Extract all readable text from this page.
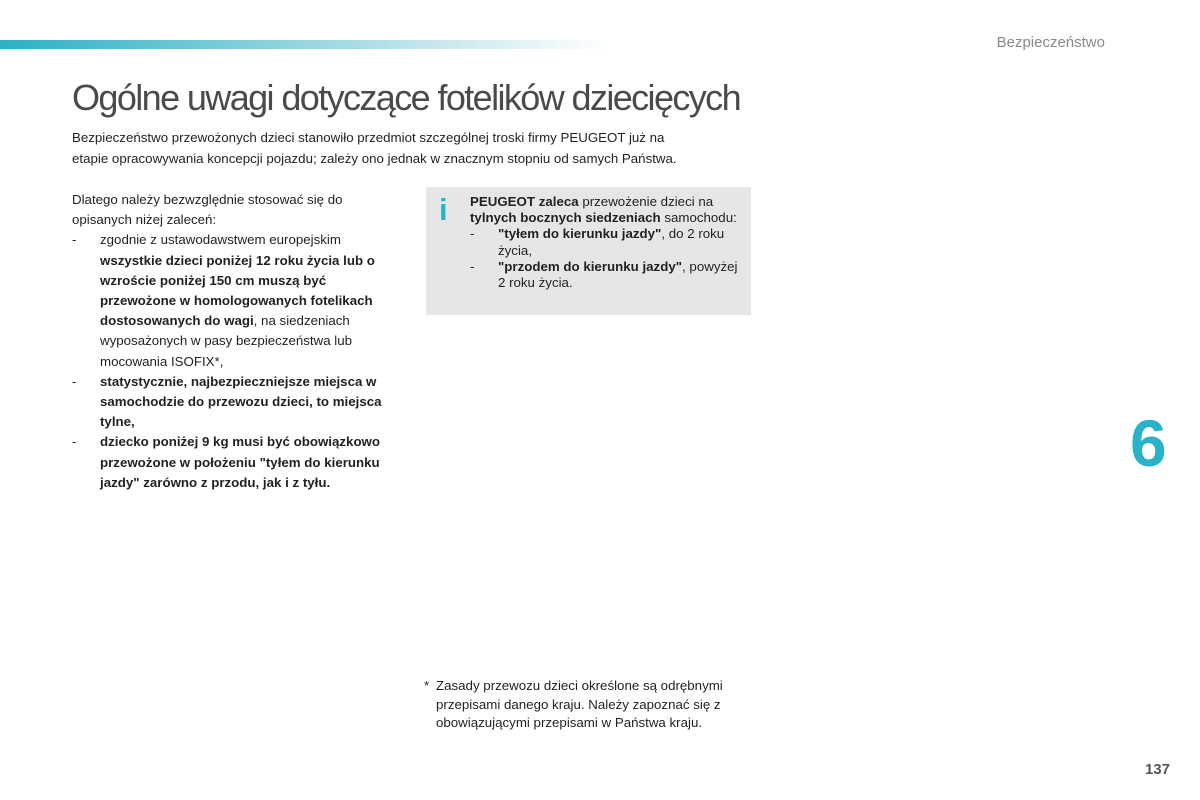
Bezpieczeństwo
Ogólne uwagi dotyczące fotelików dziecięcych
Bezpieczeństwo przewożonych dzieci stanowiło przedmiot szczególnej troski firmy PEUGEOT już na
etapie opracowywania koncepcji pojazdu; zależy ono jednak w znacznym stopniu od samych Państwa.

Dlatego należy bezwzględnie stosować się do opisanych niżej zaleceń:

-	zgodnie z ustawodawstwem europejskim wszystkie dzieci poniżej 12 roku życia lub o wzroście poniżej 150 cm muszą być przewożone w homologowanych fotelikach dostosowanych do wagi, na siedzeniach wyposażonych w pasy bezpieczeństwa lub mocowania ISOFIX*,
-	statystycznie, najbezpieczniejsze miejsca w samochodzie do przewozu dzieci, to miejsca tylne,
-	dziecko poniżej 9 kg musi być obowiązkowo przewożone w położeniu "tyłem do kierunku jazdy" zarówno z przodu, jak i z tyłu.
i PEUGEOT zaleca przewożenie dzieci na tylnych bocznych siedzeniach samochodu:

-	"tyłem do kierunku jazdy", do 2 roku życia,
-	"przodem do kierunku jazdy", powyżej 2 roku życia.
6
* Zasady przewozu dzieci określone są odrębnymi przepisami danego kraju. Należy zapoznać się z obowiązującymi przepisami w Państwa kraju.
137
